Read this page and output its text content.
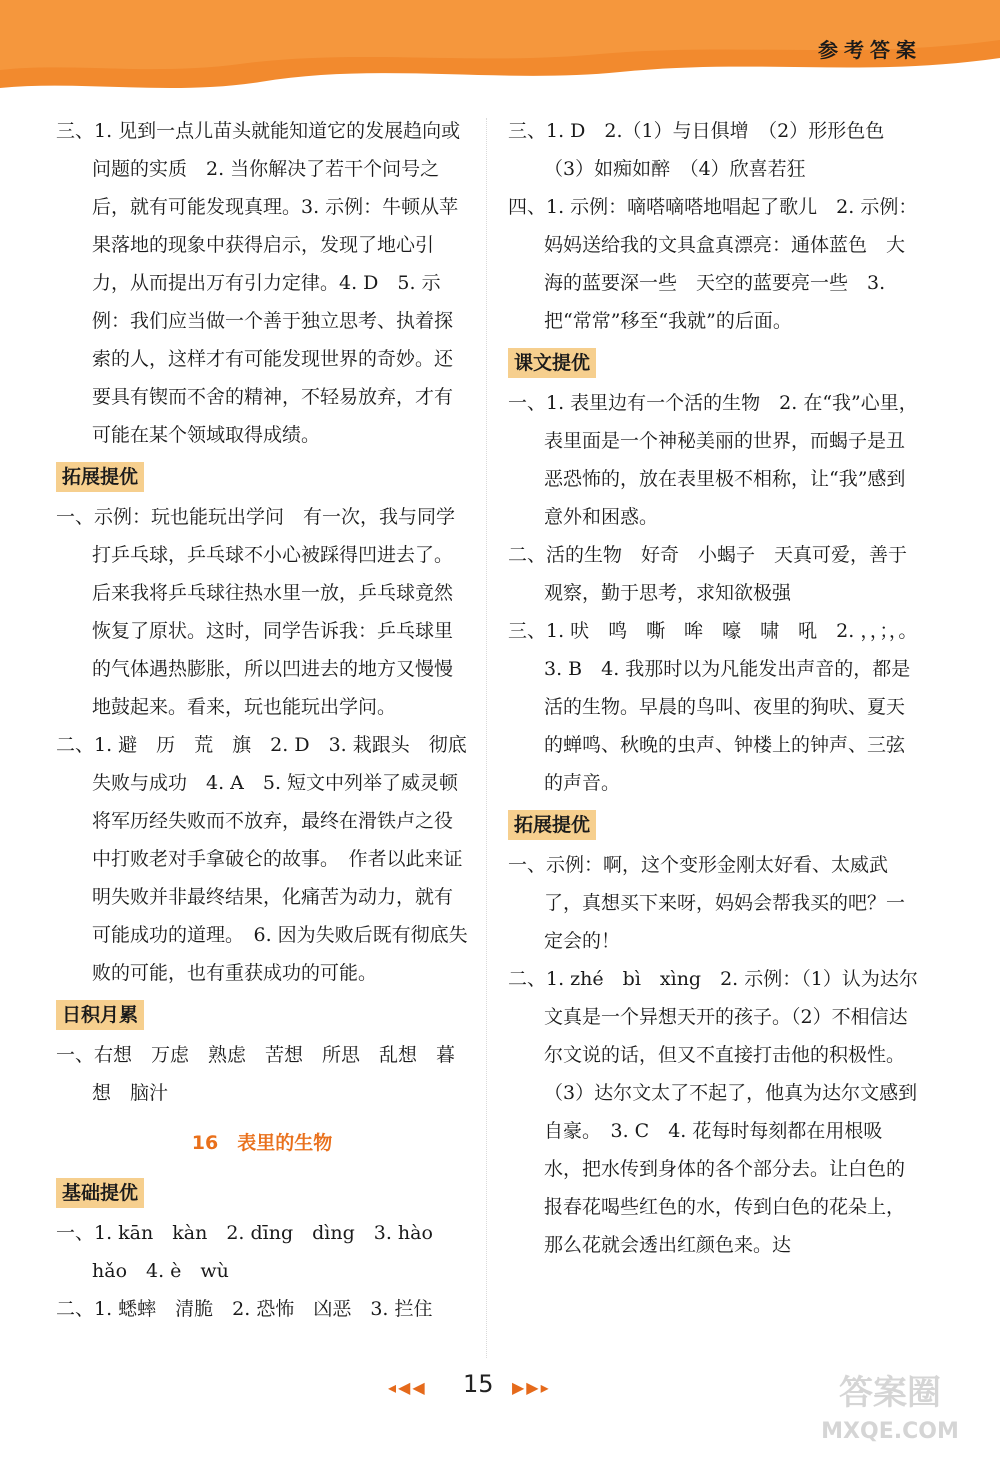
参考答案

三、1. 见到一点儿苗头就能知道它的发展趋向或问题的实质　2. 当你解决了若干个问号之后，就有可能发现真理。3. 示例：牛顿从苹果落地的现象中获得启示，发现了地心引力，从而提出万有引力定律。4. D　5. 示例：我们应当做一个善于独立思考、执着探索的人，这样才有可能发现世界的奇妙。还要具有锲而不舍的精神，不轻易放弃，才有可能在某个领域取得成绩。

拓展提优

一、示例：玩也能玩出学问　有一次，我与同学打乒乓球，乒乓球不小心被踩得凹进去了。后来我将乒乓球往热水里一放，乒乓球竟然恢复了原状。这时，同学告诉我：乒乓球里的气体遇热膨胀，所以凹进去的地方又慢慢地鼓起来。看来，玩也能玩出学问。

二、1. 避　历　荒　旗　2. D　3. 栽跟头　彻底失败与成功　4. A　5. 短文中列举了威灵顿将军历经失败而不放弃，最终在滑铁卢之役中打败老对手拿破仑的故事。　作者以此来证明失败并非最终结果，化痛苦为动力，就有可能成功的道理。　6. 因为失败后既有彻底失败的可能，也有重获成功的可能。

日积月累

一、右想　万虑　熟虑　苦想　所思　乱想　暮想　脑汁

16　 表里的生物
基础提优

一、1. kān　kàn　2. dīng　dìng　3. hào　hǎo　4. è　wù

二、1. 蟋蟀　清脆　2. 恐怖　凶恶　3. 拦住

三、1. D　2.（1）与日俱增　（2）形形色色　（3）如痴如醉　（4）欣喜若狂

四、1. 示例：嘀嗒嘀嗒地唱起了歌儿　2. 示例：妈妈送给我的文具盒真漂亮：通体蓝色　大海的蓝要深一些　天空的蓝要亮一些　3. 把“常常”移至“我就”的后面。

课文提优

一、1. 表里边有一个活的生物　2. 在“我”心里，表里面是一个神秘美丽的世界，而蝎子是丑恶恐怖的，放在表里极不相称，让“我”感到意外和困惑。

二、活的生物　好奇　小蝎子　天真可爱，善于观察，勤于思考，求知欲极强

三、1. 吠　鸣　嘶　哞　嚎　啸　吼　2. ，，；，。　3. B　4. 我那时以为凡能发出声音的，都是活的生物。早晨的鸟叫、夜里的狗吠、夏天的蝉鸣、秋晚的虫声、钟楼上的钟声、三弦的声音。

拓展提优

一、示例：啊，这个变形金刚太好看、太威武了，真想买下来呀，妈妈会帮我买的吧？一定会的！

二、1. zhé　bì　xìng　2. 示例：（1）认为达尔文真是一个异想天开的孩子。（2）不相信达尔文说的话，但又不直接打击他的积极性。（3）达尔文太了不起了，他真为达尔文感到自豪。　3. C　4. 花每时每刻都在用根吸水，把水传到身体的各个部分去。让白色的报春花喝些红色的水，传到白色的花朵上，那么花就会透出红颜色来。达

◂◀◀ 15 ▶▶▸	答案圈
MXQE.COM
